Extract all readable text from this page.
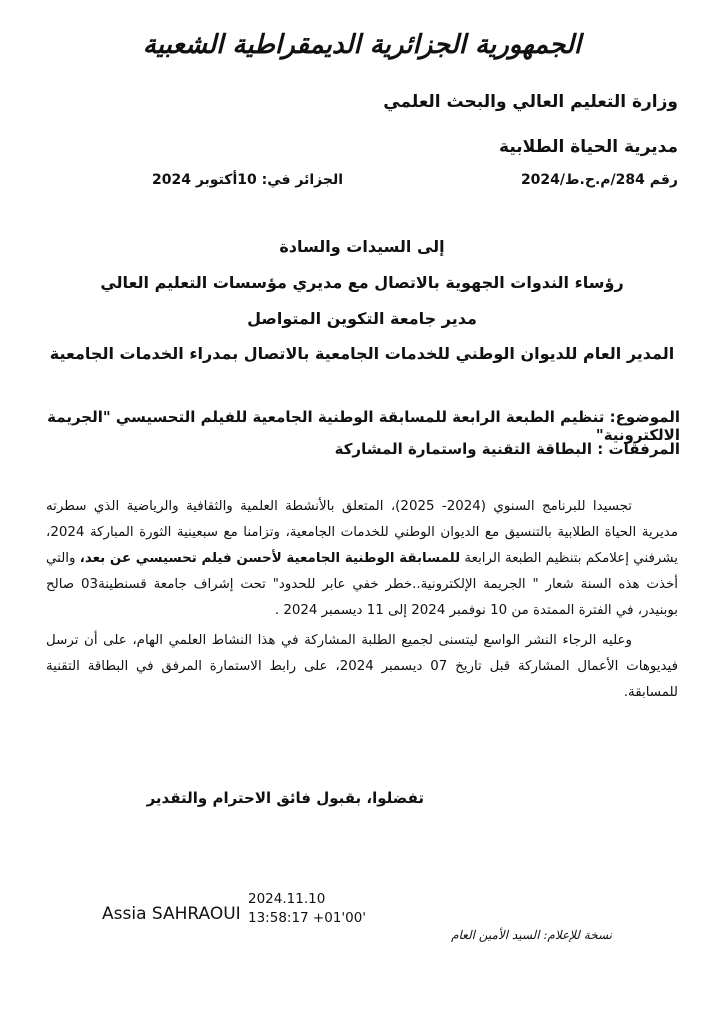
الجمهورية الجزائرية الديمقراطية الشعبية
وزارة التعليم العالي والبحث العلمي
مديرية الحياة الطلابية
رقم 284/م.ح.ط/2024
الجزائر في: 10أكتوبر 2024
إلى السيدات والسادة
رؤساء الندوات الجهوية بالاتصال مع مديري مؤسسات التعليم العالي
مدير جامعة التكوين المتواصل
المدير العام للديوان الوطني للخدمات الجامعية بالاتصال بمدراء الخدمات الجامعية
الموضوع: تنظيم الطبعة الرابعة للمسابقة الوطنية الجامعية للفيلم التحسيسي "الجريمة الالكترونية"
المرفقات : البطاقة التقنية واستمارة المشاركة

تجسيدا للبرنامج السنوي (2024- 2025)، المتعلق بالأنشطة العلمية والثقافية والرياضية الذي سطرته مديرية الحياة الطلابية بالتنسيق مع الديوان الوطني للخدمات الجامعية، وتزامنا مع سبعينية الثورة المباركة 2024، يشرفني إعلامكم بتنظيم الطبعة الرابعة للمسابقة الوطنية الجامعية لأحسن فيلم تحسيسي عن بعد، والتي أخذت هذه السنة شعار " الجريمة الإلكترونية..خطر خفي عابر للحدود" تحت إشراف جامعة قسنطينة03 صالح بوبنيدر، في الفترة الممتدة من 10 نوفمبر 2024 إلى 11 ديسمبر 2024 .

وعليه الرجاء النشر الواسع ليتسنى لجميع الطلبة المشاركة في هذا النشاط العلمي الهام، على أن ترسل فيديوهات الأعمال المشاركة قبل تاريخ 07 ديسمبر 2024، على رابط الاستمارة المرفق في البطاقة التقنية للمسابقة.

تفضلوا، بقبول فائق الاحترام والتقدير
Assia SAHRAOUI
2024.11.10
13:58:17 +01'00'
نسخة للإعلام: السيد الأمين العام
